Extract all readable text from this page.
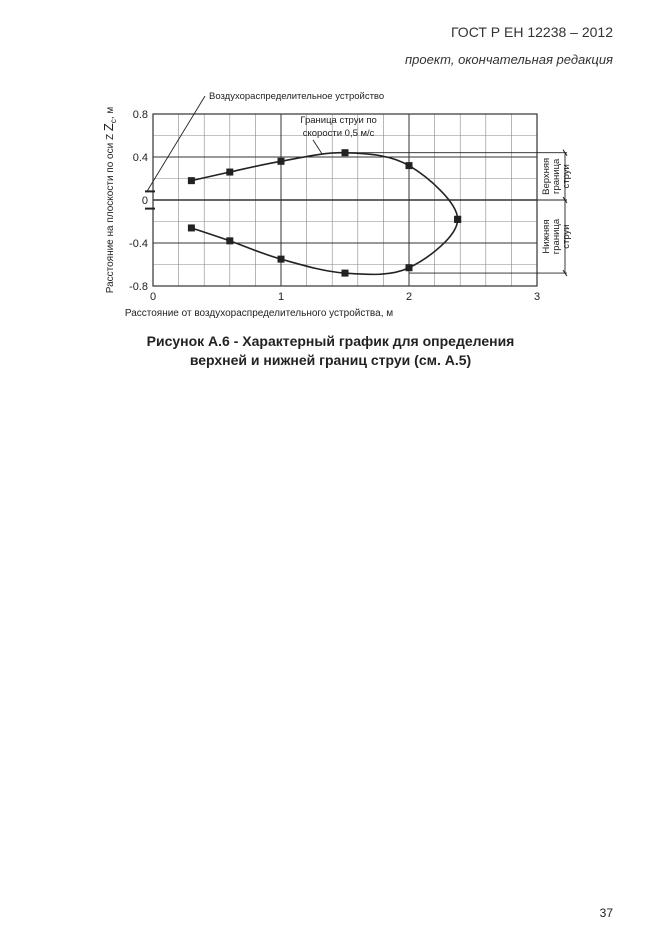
ГОСТ Р ЕН 12238 – 2012
проект, окончательная редакция
0	1	2	3
0.8
0.4
0
-0.4
-0.8
Расстояние от воздухораспределительного устройства, м
Расстояние на плоскости по оси Z $Z_c$, м
Воздухораспределительное устройство
Граница струи по
скорости 0,5 м/с
Верхняя граница струи
Нижняя граница струи
Рисунок А.6 - Характерный график для определения
верхней и нижней границ струи (см. А.5)
37
